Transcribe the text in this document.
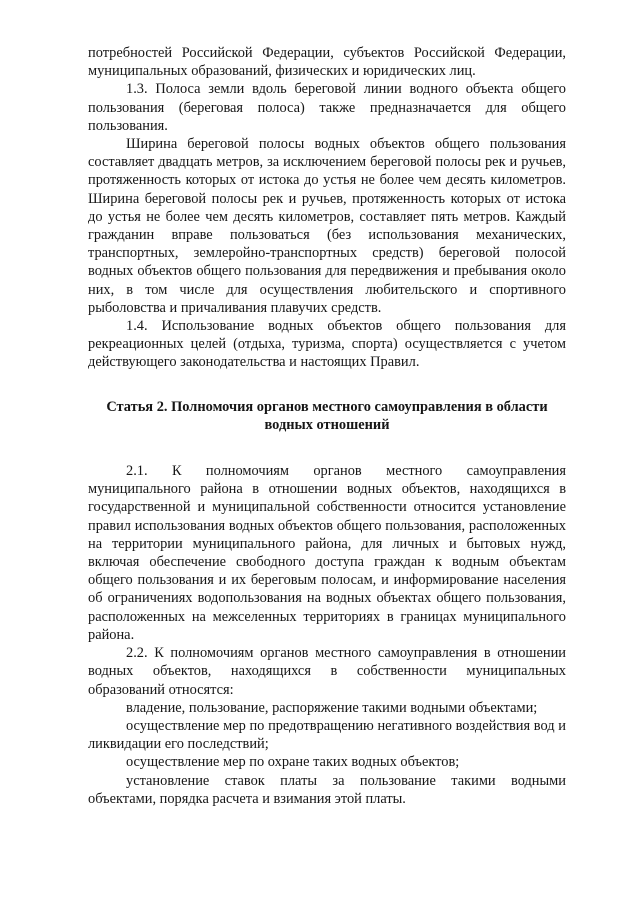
потребностей Российской Федерации, субъектов Российской Федерации, муниципальных образований, физических и юридических лиц.

1.3. Полоса земли вдоль береговой линии водного объекта общего пользования (береговая полоса) также предназначается для общего пользования.

Ширина береговой полосы водных объектов общего пользования составляет двадцать метров, за исключением береговой полосы рек и ручьев, протяженность которых от истока до устья не более чем десять километров. Ширина береговой полосы рек и ручьев, протяженность которых от истока до устья не более чем десять километров, составляет пять метров. Каждый гражданин вправе пользоваться (без использования механических, транспортных, землеройно-транспортных средств) береговой полосой водных объектов общего пользования для передвижения и пребывания около них, в том числе для осуществления любительского и спортивного рыболовства и причаливания плавучих средств.

1.4. Использование водных объектов общего пользования для рекреационных целей (отдыха, туризма, спорта) осуществляется с учетом действующего законодательства и настоящих Правил.

Статья 2. Полномочия органов местного самоуправления в области водных отношений

2.1. К полномочиям органов местного самоуправления муниципального района в отношении водных объектов, находящихся в государственной и муниципальной собственности относится установление правил использования водных объектов общего пользования, расположенных на территории муниципального района, для личных и бытовых нужд, включая обеспечение свободного доступа граждан к водным объектам общего пользования и их береговым полосам, и информирование населения об ограничениях водопользования на водных объектах общего пользования, расположенных на межселенных территориях в границах муниципального района.

2.2. К полномочиям органов местного самоуправления в отношении водных объектов, находящихся в собственности муниципальных образований относятся:

владение, пользование, распоряжение такими водными объектами;

осуществление мер по предотвращению негативного воздействия вод и ликвидации его последствий;

осуществление мер по охране таких водных объектов;

установление ставок платы за пользование такими водными объектами, порядка расчета и взимания этой платы.
